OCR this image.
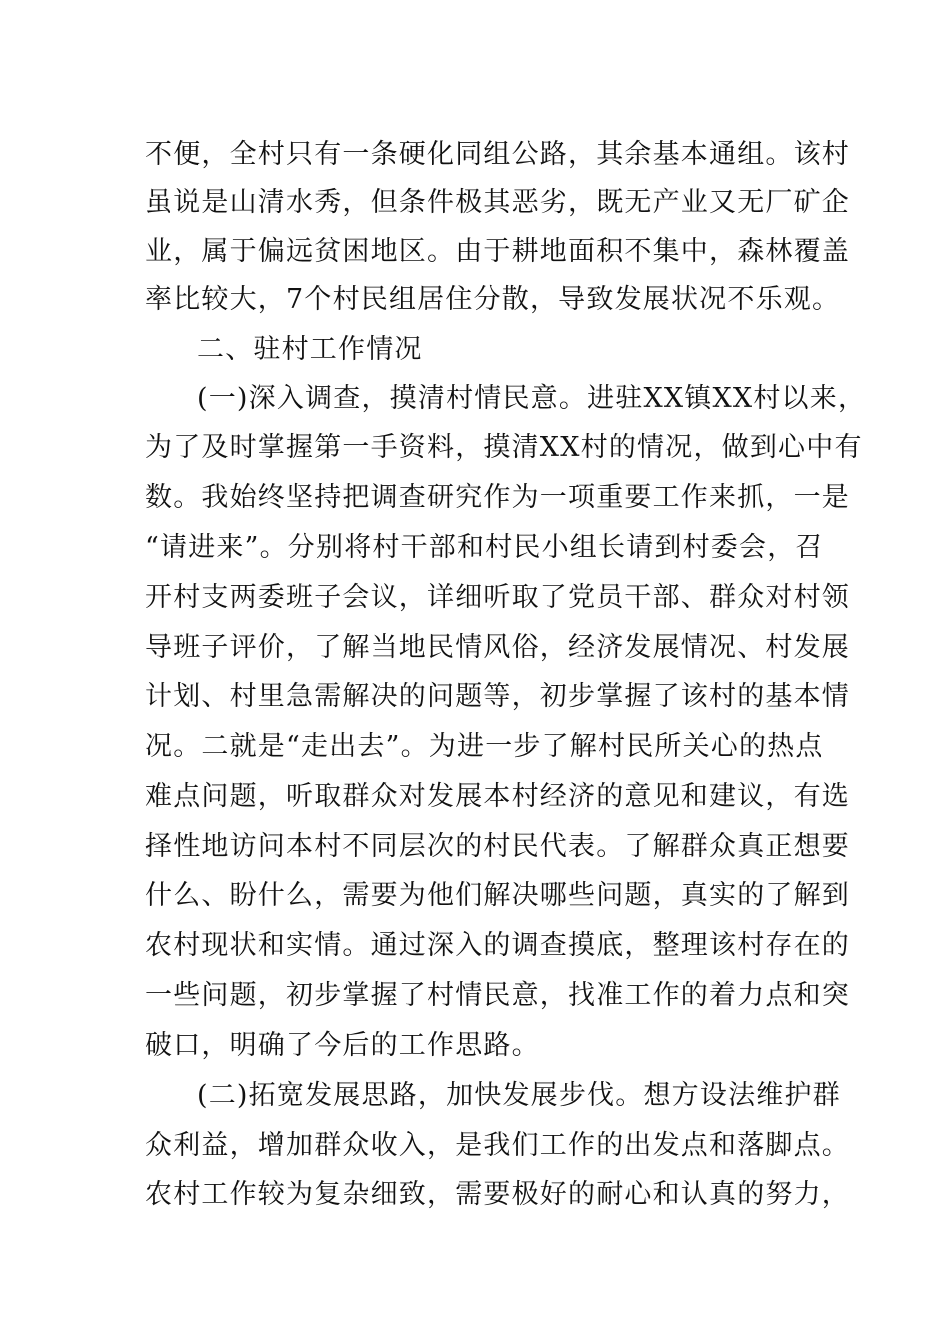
不便，全村只有一条硬化同组公路，其余基本通组。该村

虽说是山清水秀，但条件极其恶劣，既无产业又无厂矿企

业，属于偏远贫困地区。由于耕地面积不集中，森林覆盖

率比较大，7个村民组居住分散，导致发展状况不乐观。

二、驻村工作情况

(一)深入调查，摸清村情民意。进驻XX镇XX村以来，

为了及时掌握第一手资料，摸清XX村的情况，做到心中有

数。我始终坚持把调查研究作为一项重要工作来抓，一是

“请进来”。分别将村干部和村民小组长请到村委会，召

开村支两委班子会议，详细听取了党员干部、群众对村领

导班子评价，了解当地民情风俗，经济发展情况、村发展

计划、村里急需解决的问题等，初步掌握了该村的基本情

况。二就是“走出去”。为进一步了解村民所关心的热点

难点问题，听取群众对发展本村经济的意见和建议，有选

择性地访问本村不同层次的村民代表。了解群众真正想要

什么、盼什么，需要为他们解决哪些问题，真实的了解到

农村现状和实情。通过深入的调查摸底，整理该村存在的

一些问题，初步掌握了村情民意，找准工作的着力点和突

破口，明确了今后的工作思路。

(二)拓宽发展思路，加快发展步伐。想方设法维护群

众利益，增加群众收入，是我们工作的出发点和落脚点。

农村工作较为复杂细致，需要极好的耐心和认真的努力，
